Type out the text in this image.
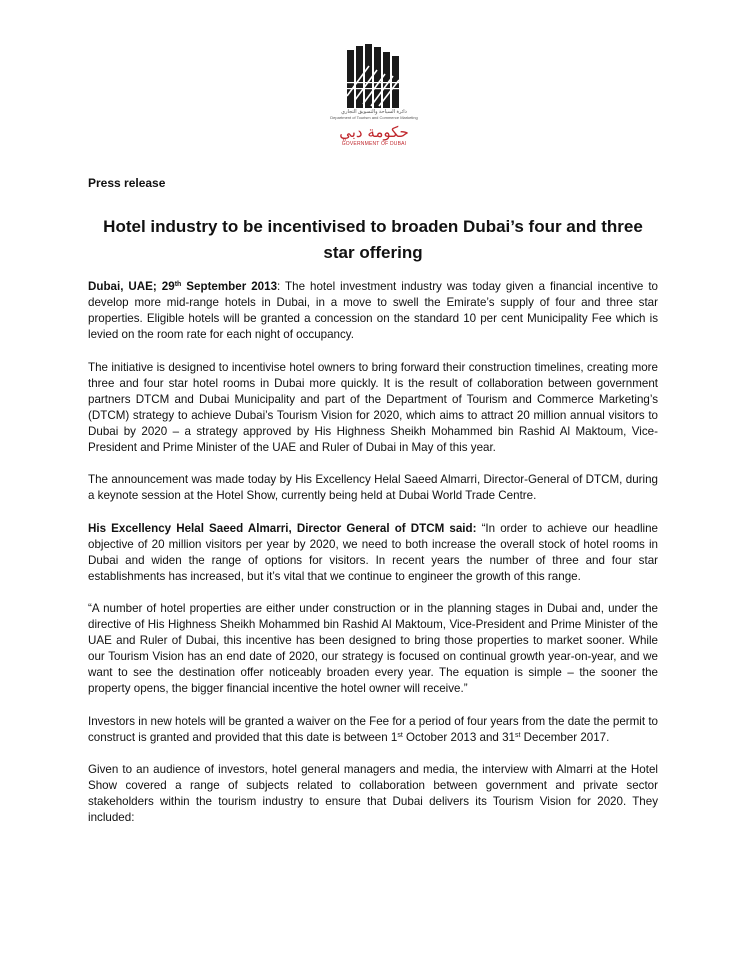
دائرة السياحة والتسويق التجاري
Department of Tourism and Commerce Marketing
حكومة دبي
GOVERNMENT OF DUBAI
Press release
Hotel industry to be incentivised to broaden Dubai’s four and three star offering

Dubai, UAE; 29th September 2013: The hotel investment industry was today given a financial incentive to develop more mid-range hotels in Dubai, in a move to swell the Emirate’s supply of four and three star properties. Eligible hotels will be granted a concession on the standard 10 per cent Municipality Fee which is levied on the room rate for each night of occupancy.

The initiative is designed to incentivise hotel owners to bring forward their construction timelines, creating more three and four star hotel rooms in Dubai more quickly. It is the result of collaboration between government partners DTCM and Dubai Municipality and part of the Department of Tourism and Commerce Marketing’s (DTCM) strategy to achieve Dubai’s Tourism Vision for 2020, which aims to attract 20 million annual visitors to Dubai by 2020 – a strategy approved by His Highness Sheikh Mohammed bin Rashid Al Maktoum, Vice-President and Prime Minister of the UAE and Ruler of Dubai in May of this year.

The announcement was made today by His Excellency Helal Saeed Almarri, Director-General of DTCM, during a keynote session at the Hotel Show, currently being held at Dubai World Trade Centre.

His Excellency Helal Saeed Almarri, Director General of DTCM said: “In order to achieve our headline objective of 20 million visitors per year by 2020, we need to both increase the overall stock of hotel rooms in Dubai and widen the range of options for visitors. In recent years the number of three and four star establishments has increased, but it’s vital that we continue to engineer the growth of this range.

“A number of hotel properties are either under construction or in the planning stages in Dubai and, under the directive of His Highness Sheikh Mohammed bin Rashid Al Maktoum, Vice-President and Prime Minister of the UAE and Ruler of Dubai, this incentive has been designed to bring those properties to market sooner. While our Tourism Vision has an end date of 2020, our strategy is focused on continual growth year-on-year, and we want to see the destination offer noticeably broaden every year. The equation is simple – the sooner the property opens, the bigger financial incentive the hotel owner will receive.”

Investors in new hotels will be granted a waiver on the Fee for a period of four years from the date the permit to construct is granted and provided that this date is between 1st October 2013 and 31st December 2017.

Given to an audience of investors, hotel general managers and media, the interview with Almarri at the Hotel Show covered a range of subjects related to collaboration between government and private sector stakeholders within the tourism industry to ensure that Dubai delivers its Tourism Vision for 2020. They included:
